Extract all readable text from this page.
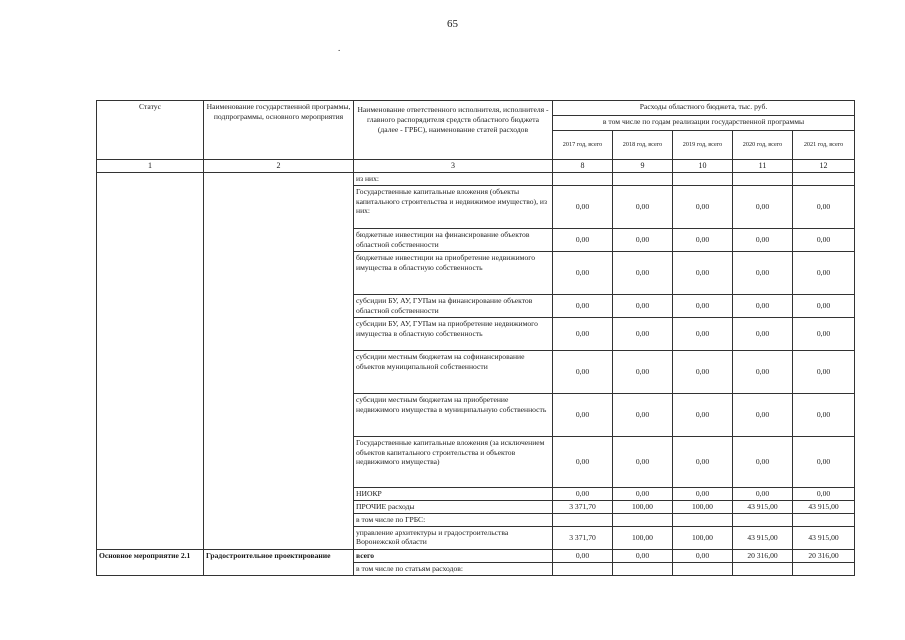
65
.
Статус	Наименование государственной программы, подпрограммы, основного мероприятия	Наименование ответственного исполнителя, исполнителя - главного распорядителя средств областного бюджета (далее - ГРБС), наименование статей расходов	Расходы областного бюджета, тыс. руб.				
			в том числе по годам реализации государственной программы				
			2017 год, всего	2018 год, всего	2019 год, всего	2020 год, всего	2021 год, всего
1	2	3	8	9	10	11	12
		из них:					
		Государственные капитальные вложения (объекты капитального строительства и недвижимое имущество), из них:	0,00	0,00	0,00	0,00	0,00
		бюджетные инвестиции на финансирование объектов областной собственности	0,00	0,00	0,00	0,00	0,00
		бюджетные инвестиции на приобретение недвижимого имущества в областную собственность	0,00	0,00	0,00	0,00	0,00
		субсидии БУ, АУ, ГУПам на финансирование объектов областной собственности	0,00	0,00	0,00	0,00	0,00
		субсидии БУ, АУ, ГУПам на приобретение недвижимого имущества в областную собственность	0,00	0,00	0,00	0,00	0,00
		субсидии местным бюджетам на софинансирование объектов муниципальной собственности	0,00	0,00	0,00	0,00	0,00
		субсидии местным бюджетам на приобретение недвижимого имущества в муниципальную собственность	0,00	0,00	0,00	0,00	0,00
		Государственные капитальные вложения (за исключением объектов капитального строительства и объектов недвижимого имущества)	0,00	0,00	0,00	0,00	0,00
		НИОКР	0,00	0,00	0,00	0,00	0,00
		ПРОЧИЕ расходы	3 371,70	100,00	100,00	43 915,00	43 915,00
		в том числе по ГРБС:					
		управление архитектуры и градостроительства Воронежской области	3 371,70	100,00	100,00	43 915,00	43 915,00
Основное мероприятие 2.1	Градостроительное проектирование	всего	0,00	0,00	0,00	20 316,00	20 316,00
		в том числе по статьям расходов:					
